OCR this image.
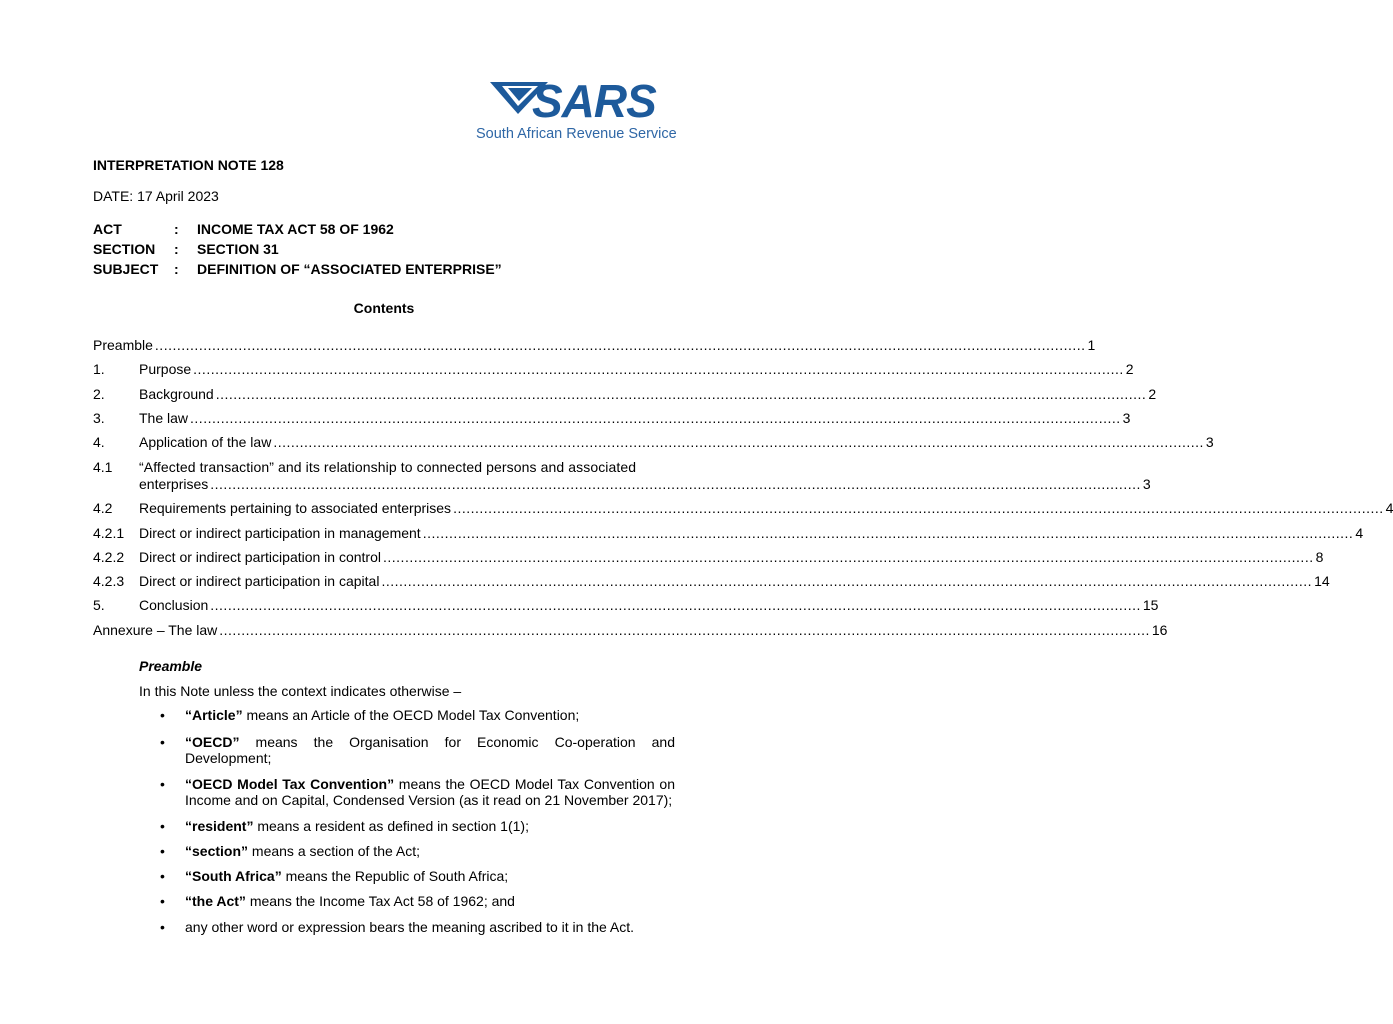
SARS
South African Revenue Service
INTERPRETATION NOTE 128
DATE: 17 April 2023
ACT	: INCOME TAX ACT 58 OF 1962
SECTION : SECTION 31
SUBJECT : DEFINITION OF “ASSOCIATED ENTERPRISE”
Contents
Preamble .................................................................................................................................................................................................................... 1
1. Purpose .................................................................................................................................................................................................................... 2
2. Background .................................................................................................................................................................................................................... 2
3. The law .................................................................................................................................................................................................................... 3
4. Application of the law .................................................................................................................................................................................................................... 3
4.1 “Affected transaction” and its relationship to connected persons and associated
enterprises .................................................................................................................................................................................................................... 3
4.2 Requirements pertaining to associated enterprises .................................................................................................................................................................................................................... 4
4.2.1 Direct or indirect participation in management .................................................................................................................................................................................................................... 4
4.2.2 Direct or indirect participation in control .................................................................................................................................................................................................................... 8
4.2.3 Direct or indirect participation in capital .................................................................................................................................................................................................................... 14
5. Conclusion .................................................................................................................................................................................................................... 15
Annexure – The law .................................................................................................................................................................................................................... 16
Preamble
In this Note unless the context indicates otherwise –
• “Article” means an Article of the OECD Model Tax Convention;
• “OECD” means the Organisation for Economic Co-operation and
Development;
• “OECD Model Tax Convention” means the OECD Model Tax Convention on
Income and on Capital, Condensed Version (as it read on 21 November 2017);
• “resident” means a resident as defined in section 1(1);
• “section” means a section of the Act;
• “South Africa” means the Republic of South Africa;
• “the Act” means the Income Tax Act 58 of 1962; and
• any other word or expression bears the meaning ascribed to it in the Act.
